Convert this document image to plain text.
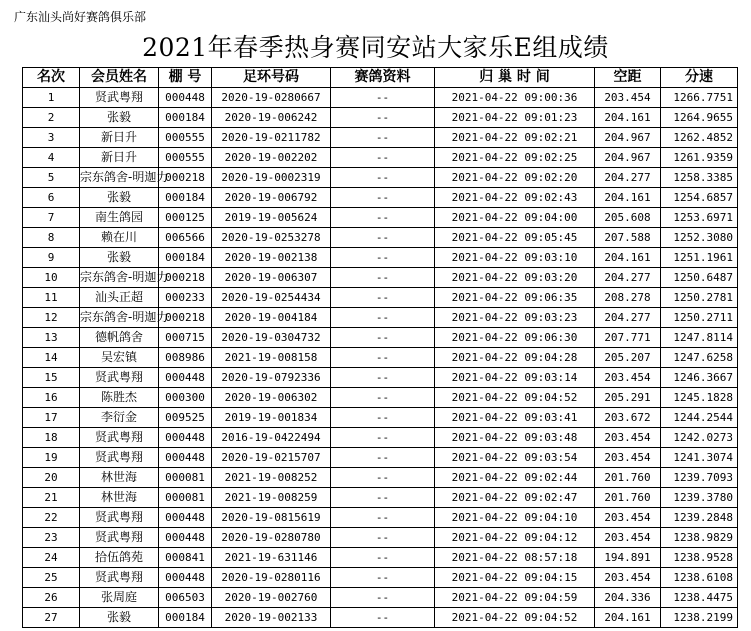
广东汕头尚好赛鸽俱乐部
2021年春季热身赛同安站大家乐E组成绩
名次	会员姓名	棚 号	足环号码	赛鸽资料	归 巢 时 间	空距	分速
1	贤武粤翔	000448	2020-19-0280667	--	2021-04-22 09:00:36	203.454	1266.7751
2	张毅	000184	2020-19-006242	--	2021-04-22 09:01:23	204.161	1264.9655
3	新日升	000555	2020-19-0211782	--	2021-04-22 09:02:21	204.967	1262.4852
4	新日升	000555	2020-19-002202	--	2021-04-22 09:02:25	204.967	1261.9359
5	宗东鸽舍-明迦力	000218	2020-19-0002319	--	2021-04-22 09:02:20	204.277	1258.3385
6	张毅	000184	2020-19-006792	--	2021-04-22 09:02:43	204.161	1254.6857
7	南生鸽园	000125	2019-19-005624	--	2021-04-22 09:04:00	205.608	1253.6971
8	赖在川	006566	2020-19-0253278	--	2021-04-22 09:05:45	207.588	1252.3080
9	张毅	000184	2020-19-002138	--	2021-04-22 09:03:10	204.161	1251.1961
10	宗东鸽舍-明迦力	000218	2020-19-006307	--	2021-04-22 09:03:20	204.277	1250.6487
11	汕头正超	000233	2020-19-0254434	--	2021-04-22 09:06:35	208.278	1250.2781
12	宗东鸽舍-明迦力	000218	2020-19-004184	--	2021-04-22 09:03:23	204.277	1250.2711
13	德帆鸽舍	000715	2020-19-0304732	--	2021-04-22 09:06:30	207.771	1247.8114
14	吴宏镇	008986	2021-19-008158	--	2021-04-22 09:04:28	205.207	1247.6258
15	贤武粤翔	000448	2020-19-0792336	--	2021-04-22 09:03:14	203.454	1246.3667
16	陈胜杰	000300	2020-19-006302	--	2021-04-22 09:04:52	205.291	1245.1828
17	李衍金	009525	2019-19-001834	--	2021-04-22 09:03:41	203.672	1244.2544
18	贤武粤翔	000448	2016-19-0422494	--	2021-04-22 09:03:48	203.454	1242.0273
19	贤武粤翔	000448	2020-19-0215707	--	2021-04-22 09:03:54	203.454	1241.3074
20	林世海	000081	2021-19-008252	--	2021-04-22 09:02:44	201.760	1239.7093
21	林世海	000081	2021-19-008259	--	2021-04-22 09:02:47	201.760	1239.3780
22	贤武粤翔	000448	2020-19-0815619	--	2021-04-22 09:04:10	203.454	1239.2848
23	贤武粤翔	000448	2020-19-0280780	--	2021-04-22 09:04:12	203.454	1238.9829
24	拾伍鸽苑	000841	2021-19-631146	--	2021-04-22 08:57:18	194.891	1238.9528
25	贤武粤翔	000448	2020-19-0280116	--	2021-04-22 09:04:15	203.454	1238.6108
26	张周庭	006503	2020-19-002760	--	2021-04-22 09:04:59	204.336	1238.4475
27	张毅	000184	2020-19-002133	--	2021-04-22 09:04:52	204.161	1238.2199
